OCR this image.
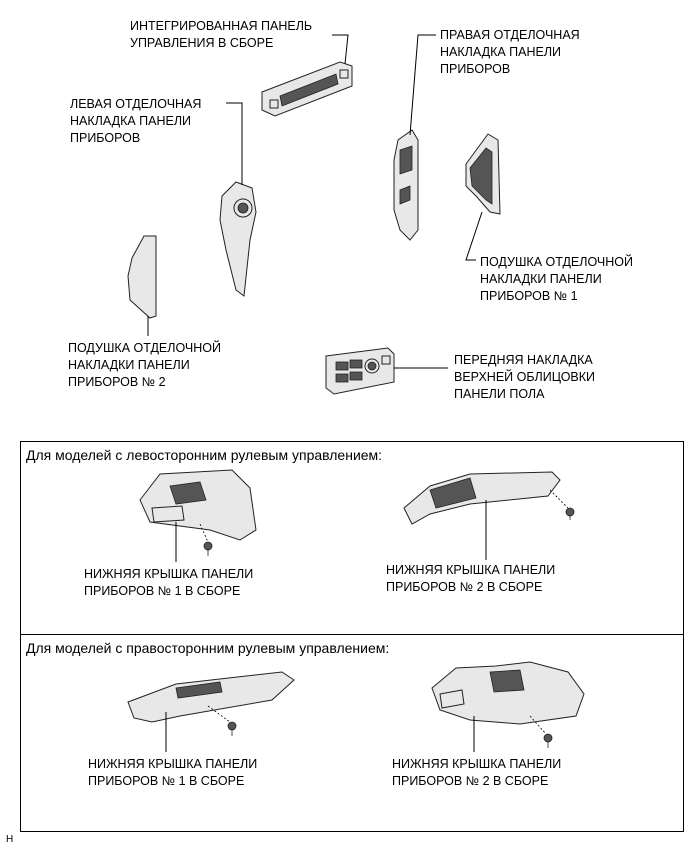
ИНТЕГРИРОВАННАЯ ПАНЕЛЬ
УПРАВЛЕНИЯ В СБОРЕ
ПРАВАЯ ОТДЕЛОЧНАЯ
НАКЛАДКА ПАНЕЛИ
ПРИБОРОВ
ЛЕВАЯ ОТДЕЛОЧНАЯ
НАКЛАДКА ПАНЕЛИ
ПРИБОРОВ
ПОДУШКА ОТДЕЛОЧНОЙ
НАКЛАДКИ ПАНЕЛИ
ПРИБОРОВ № 1
ПОДУШКА ОТДЕЛОЧНОЙ
НАКЛАДКИ ПАНЕЛИ
ПРИБОРОВ № 2
ПЕРЕДНЯЯ НАКЛАДКА
ВЕРХНЕЙ ОБЛИЦОВКИ
ПАНЕЛИ ПОЛА
Для моделей с левосторонним рулевым управлением:
НИЖНЯЯ КРЫШКА ПАНЕЛИ
ПРИБОРОВ № 1 В СБОРЕ
НИЖНЯЯ КРЫШКА ПАНЕЛИ
ПРИБОРОВ № 2 В СБОРЕ
Для моделей с правосторонним рулевым управлением:
НИЖНЯЯ КРЫШКА ПАНЕЛИ
ПРИБОРОВ № 1 В СБОРЕ
НИЖНЯЯ КРЫШКА ПАНЕЛИ
ПРИБОРОВ № 2 В СБОРЕ
H
